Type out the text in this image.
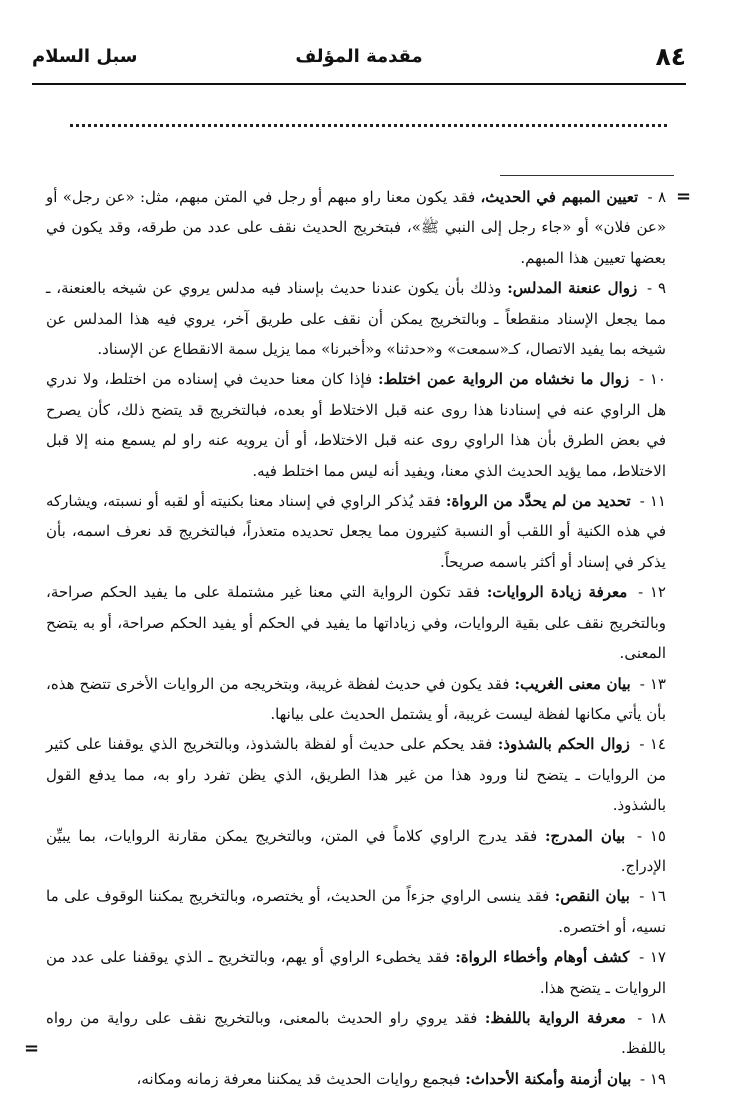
٨٤
مقدمة المؤلف
سبل السلام
=
=

٨ - تعيين المبهم في الحديث، فقد يكون معنا راو مبهم أو رجل في المتن مبهم، مثل: «عن رجل» أو «عن فلان» أو «جاء رجل إلى النبي ﷺ»، فبتخريج الحديث نقف على عدد من طرقه، وقد يكون في بعضها تعيين هذا المبهم.

٩ - زوال عنعنة المدلس: وذلك بأن يكون عندنا حديث بإسناد فيه مدلس يروي عن شيخه بالعنعنة، ـ مما يجعل الإسناد منقطعاً ـ وبالتخريج يمكن أن نقف على طريق آخر، يروي فيه هذا المدلس عن شيخه بما يفيد الاتصال، كـ«سمعت» و«حدثنا» و«أخبرنا» مما يزيل سمة الانقطاع عن الإسناد.

١٠ - زوال ما نخشاه من الرواية عمن اختلط: فإذا كان معنا حديث في إسناده من اختلط، ولا ندري هل الراوي عنه في إسنادنا هذا روى عنه قبل الاختلاط أو بعده، فبالتخريج قد يتضح ذلك، كأن يصرح في بعض الطرق بأن هذا الراوي روى عنه قبل الاختلاط، أو أن يرويه عنه راو لم يسمع منه إلا قبل الاختلاط، مما يؤيد الحديث الذي معنا، ويفيد أنه ليس مما اختلط فيه.

١١ - تحديد من لم يحدَّد من الرواة: فقد يُذكر الراوي في إسناد معنا بكنيته أو لقبه أو نسبته، ويشاركه في هذه الكنية أو اللقب أو النسبة كثيرون مما يجعل تحديده متعذراً، فبالتخريج قد نعرف اسمه، بأن يذكر في إسناد أو أكثر باسمه صريحاً.

١٢ - معرفة زيادة الروايات: فقد تكون الرواية التي معنا غير مشتملة على ما يفيد الحكم صراحة، وبالتخريج نقف على بقية الروايات، وفي زياداتها ما يفيد في الحكم أو يفيد الحكم صراحة، أو به يتضح المعنى.

١٣ - بيان معنى الغريب: فقد يكون في حديث لفظة غريبة، وبتخريجه من الروايات الأخرى تتضح هذه، بأن يأتي مكانها لفظة ليست غريبة، أو يشتمل الحديث على بيانها.

١٤ - زوال الحكم بالشذوذ: فقد يحكم على حديث أو لفظة بالشذوذ، وبالتخريج الذي يوقفنا على كثير من الروايات ـ يتضح لنا ورود هذا من غير هذا الطريق، الذي يظن تفرد راو به، مما يدفع القول بالشذوذ.

١٥ - بيان المدرج: فقد يدرج الراوي كلاماً في المتن، وبالتخريج يمكن مقارنة الروايات، بما يبيِّن الإدراج.

١٦ - بيان النقص: فقد ينسى الراوي جزءاً من الحديث، أو يختصره، وبالتخريج يمكننا الوقوف على ما نسيه، أو اختصره.

١٧ - كشف أوهام وأخطاء الرواة: فقد يخطىء الراوي أو يهم، وبالتخريج ـ الذي يوقفنا على عدد من الروايات ـ يتضح هذا.

١٨ - معرفة الرواية باللفظ: فقد يروي راو الحديث بالمعنى، وبالتخريج نقف على رواية من رواه باللفظ.

١٩ - بيان أزمنة وأمكنة الأحداث: فبجمع روايات الحديث قد يمكننا معرفة زمانه ومكانه،
